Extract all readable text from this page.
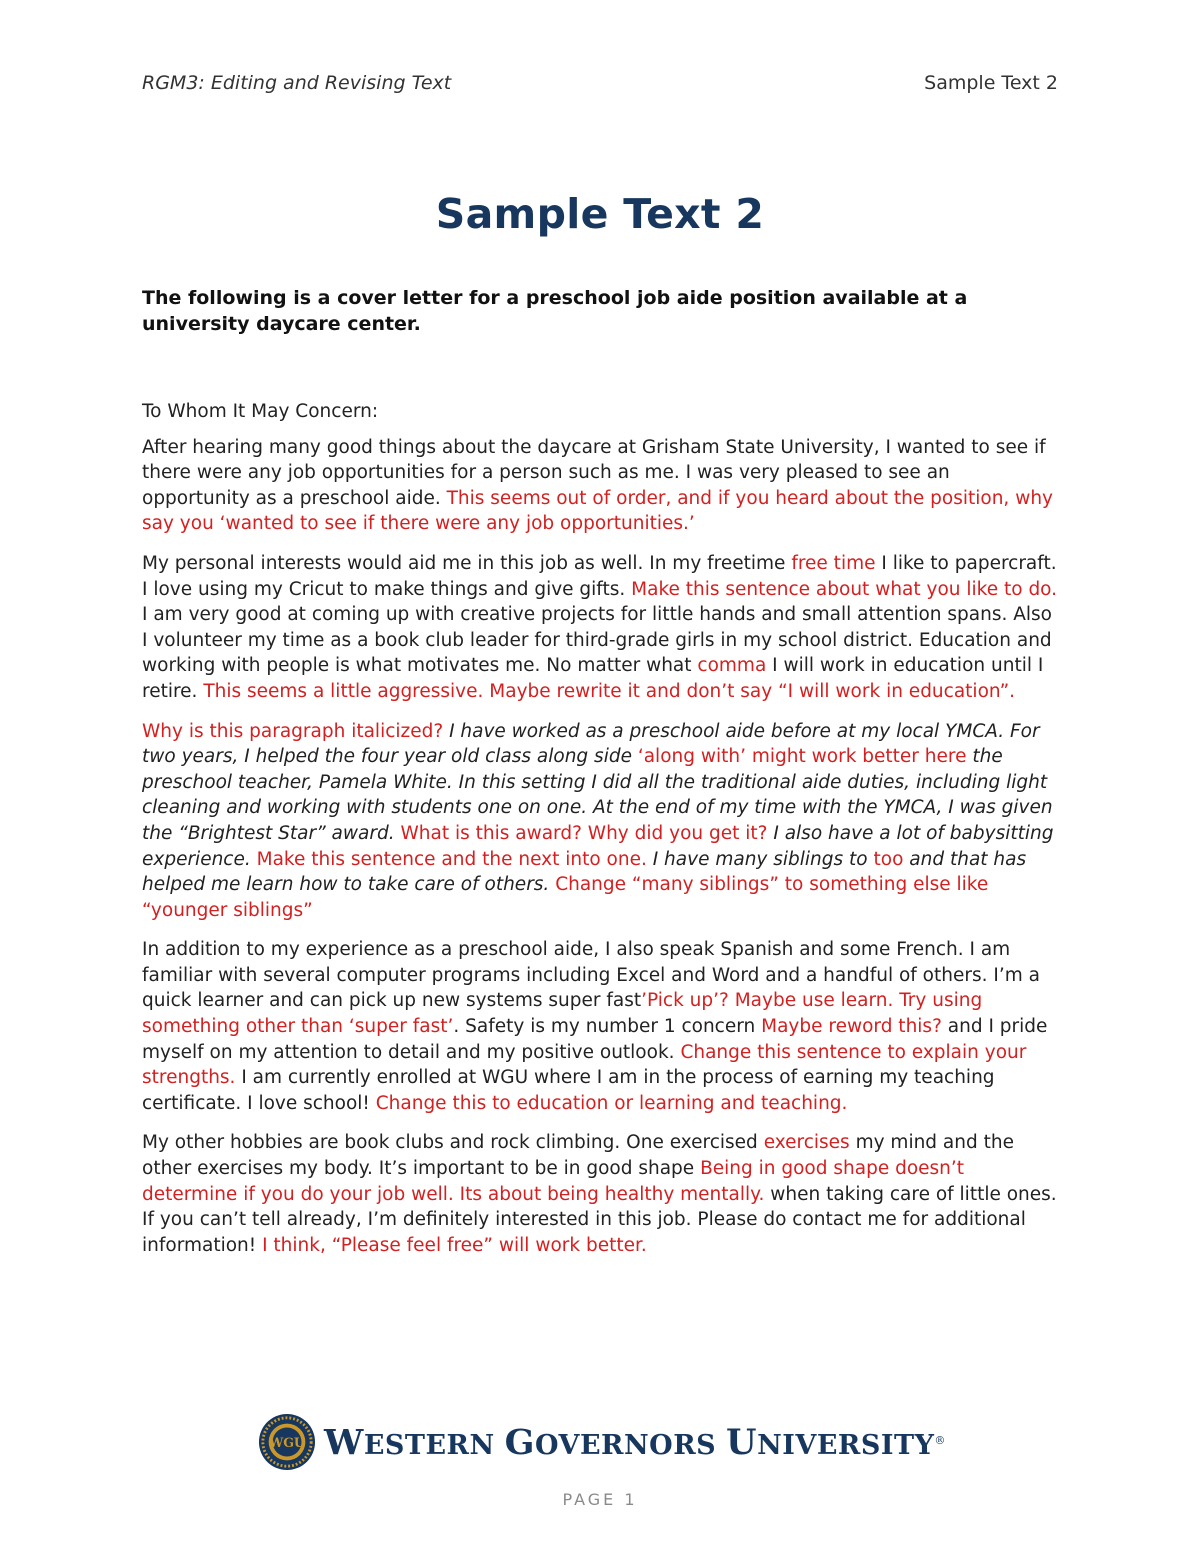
RGM3: Editing and Revising Text	Sample Text 2
Sample Text 2

The following is a cover letter for a preschool job aide position available at a university daycare center.

To Whom It May Concern:

After hearing many good things about the daycare at Grisham State University, I wanted to see if there were any job opportunities for a person such as me. I was very pleased to see an opportunity as a preschool aide. This seems out of order, and if you heard about the position, why say you ‘wanted to see if there were any job opportunities.’

My personal interests would aid me in this job as well. In my freetime free time I like to papercraft. I love using my Cricut to make things and give gifts. Make this sentence about what you like to do. I am very good at coming up with creative projects for little hands and small attention spans. Also I volunteer my time as a book club leader for third-grade girls in my school district. Education and working with people is what motivates me. No matter what comma I will work in education until I retire. This seems a little aggressive. Maybe rewrite it and don’t say “I will work in education”.

Why is this paragraph italicized? I have worked as a preschool aide before at my local YMCA. For two years, I helped the four year old class along side ‘along with’ might work better here the preschool teacher, Pamela White. In this setting I did all the traditional aide duties, including light cleaning and working with students one on one. At the end of my time with the YMCA, I was given the “Brightest Star” award. What is this award? Why did you get it? I also have a lot of babysitting experience. Make this sentence and the next into one. I have many siblings to too and that has helped me learn how to take care of others. Change “many siblings” to something else like “younger siblings”

In addition to my experience as a preschool aide, I also speak Spanish and some French. I am familiar with several computer programs including Excel and Word and a handful of others. I’m a quick learner and can pick up new systems super fast’Pick up’? Maybe use learn. Try using something other than ‘super fast’. Safety is my number 1 concern Maybe reword this? and I pride myself on my attention to detail and my positive outlook. Change this sentence to explain your strengths. I am currently enrolled at WGU where I am in the process of earning my teaching certificate. I love school! Change this to education or learning and teaching.

My other hobbies are book clubs and rock climbing. One exercised exercises my mind and the other exercises my body. It’s important to be in good shape Being in good shape doesn’t determine if you do your job well. Its about being healthy mentally. when taking care of little ones. If you can’t tell already, I’m definitely interested in this job. Please do contact me for additional information! I think, “Please feel free” will work better.

WGU WESTERN GOVERNORS UNIVERSITY®
PAGE 1
